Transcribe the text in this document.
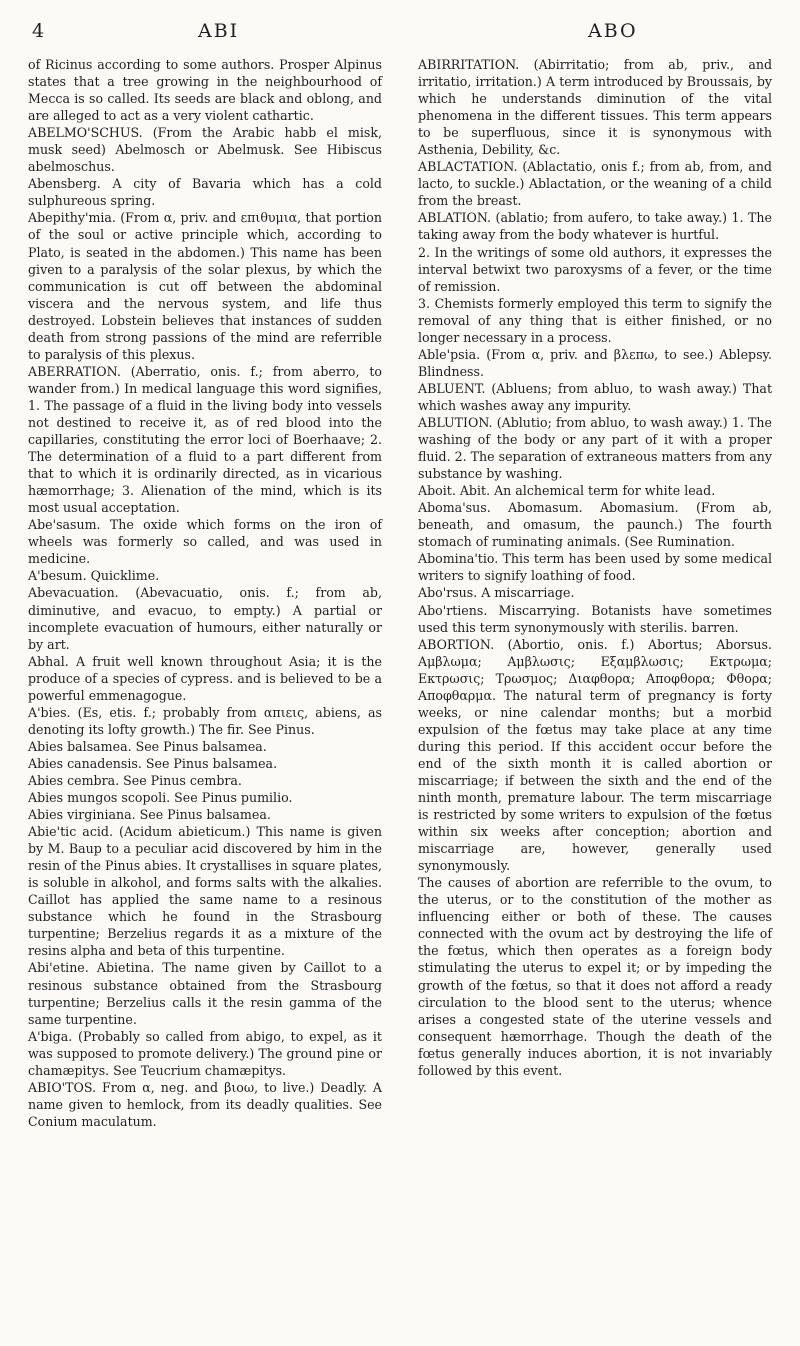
4	ABI	ABO

of Ricinus according to some authors. Prosper Alpinus states that a tree growing in the neighbourhood of Mecca is so called. Its seeds are black and oblong, and are alleged to act as a very violent cathartic.

ABELMO'SCHUS. (From the Arabic habb el misk, musk seed) Abelmosch or Abelmusk. See Hibiscus abelmoschus.

Abensberg. A city of Bavaria which has a cold sulphureous spring.

Abepithy'mia. (From α, priv. and επιθυμια, that portion of the soul or active principle which, according to Plato, is seated in the abdomen.) This name has been given to a paralysis of the solar plexus, by which the communication is cut off between the abdominal viscera and the nervous system, and life thus destroyed. Lobstein believes that instances of sudden death from strong passions of the mind are referrible to paralysis of this plexus.

ABERRATION. (Aberratio, onis. f.; from aberro, to wander from.) In medical language this word signifies, 1. The passage of a fluid in the living body into vessels not destined to receive it, as of red blood into the capillaries, constituting the error loci of Boerhaave; 2. The determination of a fluid to a part different from that to which it is ordinarily directed, as in vicarious hæmorrhage; 3. Alienation of the mind, which is its most usual acceptation.

Abe'sasum. The oxide which forms on the iron of wheels was formerly so called, and was used in medicine.

A'besum. Quicklime.

Abevacuation. (Abevacuatio, onis. f.; from ab, diminutive, and evacuo, to empty.) A partial or incomplete evacuation of humours, either naturally or by art.

Abhal. A fruit well known throughout Asia; it is the produce of a species of cypress. and is believed to be a powerful emmenagogue.

A'bies. (Es, etis. f.; probably from απιεις, abiens, as denoting its lofty growth.) The fir. See Pinus.

Abies balsamea. See Pinus balsamea.

Abies canadensis. See Pinus balsamea.

Abies cembra. See Pinus cembra.

Abies mungos scopoli. See Pinus pumilio.

Abies virginiana. See Pinus balsamea.

Abie'tic acid. (Acidum abieticum.) This name is given by M. Baup to a peculiar acid discovered by him in the resin of the Pinus abies. It crystallises in square plates, is soluble in alkohol, and forms salts with the alkalies. Caillot has applied the same name to a resinous substance which he found in the Strasbourg turpentine; Berzelius regards it as a mixture of the resins alpha and beta of this turpentine.

Abi'etine. Abietina. The name given by Caillot to a resinous substance obtained from the Strasbourg turpentine; Berzelius calls it the resin gamma of the same turpentine.

A'biga. (Probably so called from abigo, to expel, as it was supposed to promote delivery.) The ground pine or chamæpitys. See Teucrium chamæpitys.

ABIO'TOS. From α, neg. and βιοω, to live.) Deadly. A name given to hemlock, from its deadly qualities. See Conium maculatum.

ABIRRITATION. (Abirritatio; from ab, priv., and irritatio, irritation.) A term introduced by Broussais, by which he understands diminution of the vital phenomena in the different tissues. This term appears to be superfluous, since it is synonymous with Asthenia, Debility, &c.

ABLACTATION. (Ablactatio, onis f.; from ab, from, and lacto, to suckle.) Ablactation, or the weaning of a child from the breast.

ABLATION. (ablatio; from aufero, to take away.) 1. The taking away from the body whatever is hurtful.

2. In the writings of some old authors, it expresses the interval betwixt two paroxysms of a fever, or the time of remission.

3. Chemists formerly employed this term to signify the removal of any thing that is either finished, or no longer necessary in a process.

Able'psia. (From α, priv. and βλεπω, to see.) Ablepsy. Blindness.

ABLUENT. (Abluens; from abluo, to wash away.) That which washes away any impurity.

ABLUTION. (Ablutio; from abluo, to wash away.) 1. The washing of the body or any part of it with a proper fluid. 2. The separation of extraneous matters from any substance by washing.

Aboit. Abit. An alchemical term for white lead.

Aboma'sus. Abomasum. Abomasium. (From ab, beneath, and omasum, the paunch.) The fourth stomach of ruminating animals. (See Rumination.

Abomina'tio. This term has been used by some medical writers to signify loathing of food.

Abo'rsus. A miscarriage.

Abo'rtiens. Miscarrying. Botanists have sometimes used this term synonymously with sterilis. barren.

ABORTION. (Abortio, onis. f.) Abortus; Aborsus. Αμβλωμα; Αμβλωσις; Εξαμβλωσις; Εκτρωμα; Εκτρωσις; Τρωσμος; Διαφθορα; Αποφθορα; Φθορα; Αποφθαρμα. The natural term of pregnancy is forty weeks, or nine calendar months; but a morbid expulsion of the fœtus may take place at any time during this period. If this accident occur before the end of the sixth month it is called abortion or miscarriage; if between the sixth and the end of the ninth month, premature labour. The term miscarriage is restricted by some writers to expulsion of the fœtus within six weeks after conception; abortion and miscarriage are, however, generally used synonymously.

The causes of abortion are referrible to the ovum, to the uterus, or to the constitution of the mother as influencing either or both of these. The causes connected with the ovum act by destroying the life of the fœtus, which then operates as a foreign body stimulating the uterus to expel it; or by impeding the growth of the fœtus, so that it does not afford a ready circulation to the blood sent to the uterus; whence arises a congested state of the uterine vessels and consequent hæmorrhage. Though the death of the fœtus generally induces abortion, it is not invariably followed by this event.
